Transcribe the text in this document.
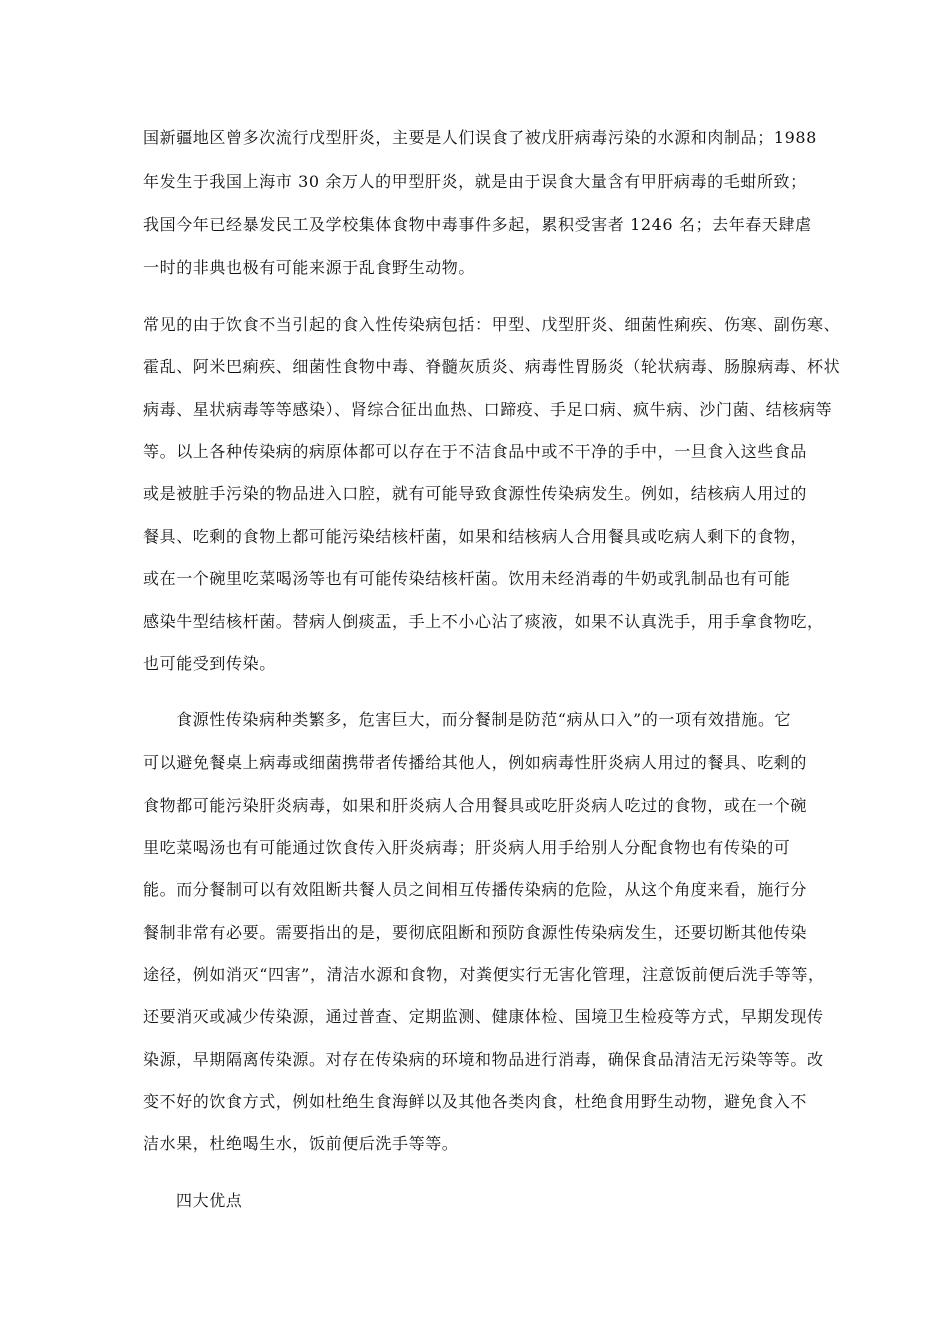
国新疆地区曾多次流行戊型肝炎，主要是人们误食了被戊肝病毒污染的水源和肉制品；1988
年发生于我国上海市 30 余万人的甲型肝炎，就是由于误食大量含有甲肝病毒的毛蚶所致；
我国今年已经暴发民工及学校集体食物中毒事件多起，累积受害者 1246 名；去年春天肆虐
一时的非典也极有可能来源于乱食野生动物。
常见的由于饮食不当引起的食入性传染病包括：甲型、戊型肝炎、细菌性痢疾、伤寒、副伤寒、
霍乱、阿米巴痢疾、细菌性食物中毒、脊髓灰质炎、病毒性胃肠炎（轮状病毒、肠腺病毒、杯状
病毒、星状病毒等等感染）、肾综合征出血热、口蹄疫、手足口病、疯牛病、沙门菌、结核病等
等。以上各种传染病的病原体都可以存在于不洁食品中或不干净的手中，一旦食入这些食品
或是被脏手污染的物品进入口腔，就有可能导致食源性传染病发生。例如，结核病人用过的
餐具、吃剩的食物上都可能污染结核杆菌，如果和结核病人合用餐具或吃病人剩下的食物，
或在一个碗里吃菜喝汤等也有可能传染结核杆菌。饮用未经消毒的牛奶或乳制品也有可能
感染牛型结核杆菌。替病人倒痰盂，手上不小心沾了痰液，如果不认真洗手，用手拿食物吃，
也可能受到传染。
食源性传染病种类繁多，危害巨大，而分餐制是防范“病从口入”的一项有效措施。它
可以避免餐桌上病毒或细菌携带者传播给其他人，例如病毒性肝炎病人用过的餐具、吃剩的
食物都可能污染肝炎病毒，如果和肝炎病人合用餐具或吃肝炎病人吃过的食物，或在一个碗
里吃菜喝汤也有可能通过饮食传入肝炎病毒；肝炎病人用手给别人分配食物也有传染的可
能。而分餐制可以有效阻断共餐人员之间相互传播传染病的危险，从这个角度来看，施行分
餐制非常有必要。需要指出的是，要彻底阻断和预防食源性传染病发生，还要切断其他传染
途径，例如消灭“四害”，清洁水源和食物，对粪便实行无害化管理，注意饭前便后洗手等等，
还要消灭或减少传染源，通过普查、定期监测、健康体检、国境卫生检疫等方式，早期发现传
染源，早期隔离传染源。对存在传染病的环境和物品进行消毒，确保食品清洁无污染等等。改
变不好的饮食方式，例如杜绝生食海鲜以及其他各类肉食，杜绝食用野生动物，避免食入不
洁水果，杜绝喝生水，饭前便后洗手等等。
四大优点
